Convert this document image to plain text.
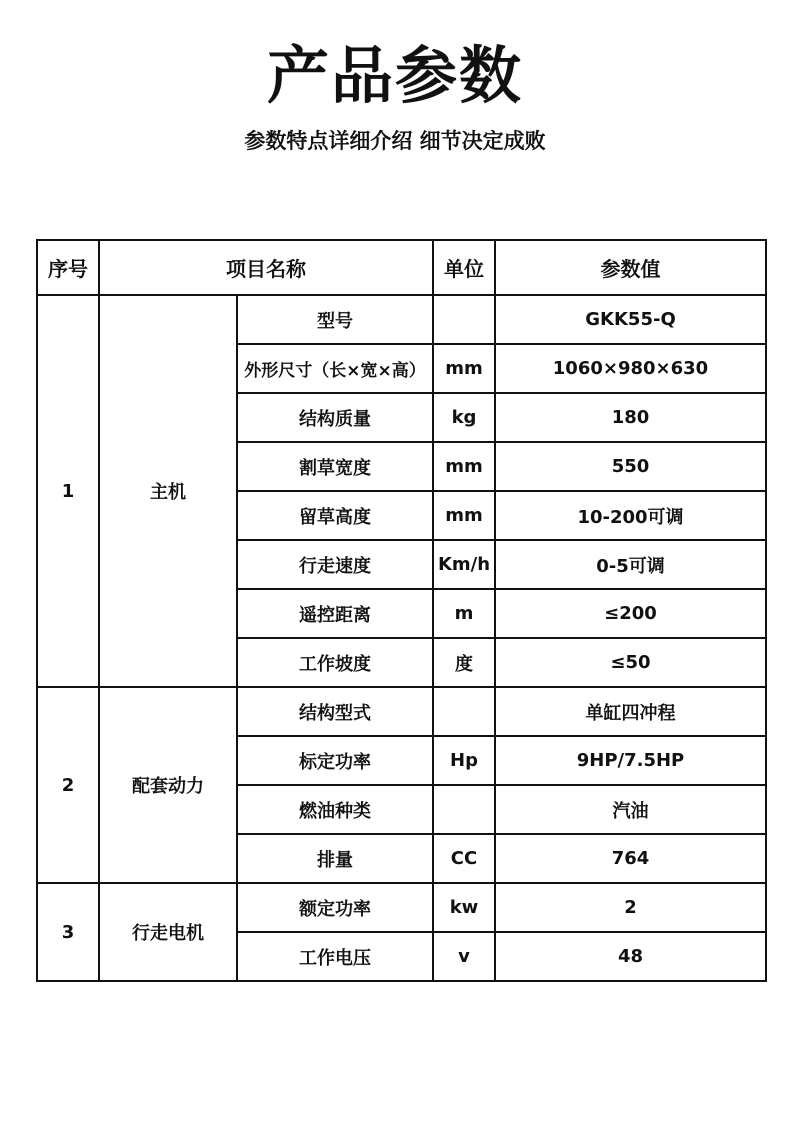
产品参数
参数特点详细介绍 细节决定成败
序号	项目名称		单位	参数值
1	主机	型号		GKK55-Q
		外形尺寸（长×宽×高）	mm	1060×980×630
		结构质量	kg	180
		割草宽度	mm	550
		留草高度	mm	10-200可调
		行走速度	Km/h	0-5可调
		遥控距离	m	≤200
		工作坡度	度	≤50
2	配套动力	结构型式		单缸四冲程
		标定功率	Hp	9HP/7.5HP
		燃油种类		汽油
		排量	CC	764
3	行走电机	额定功率	kw	2
		工作电压	v	48
